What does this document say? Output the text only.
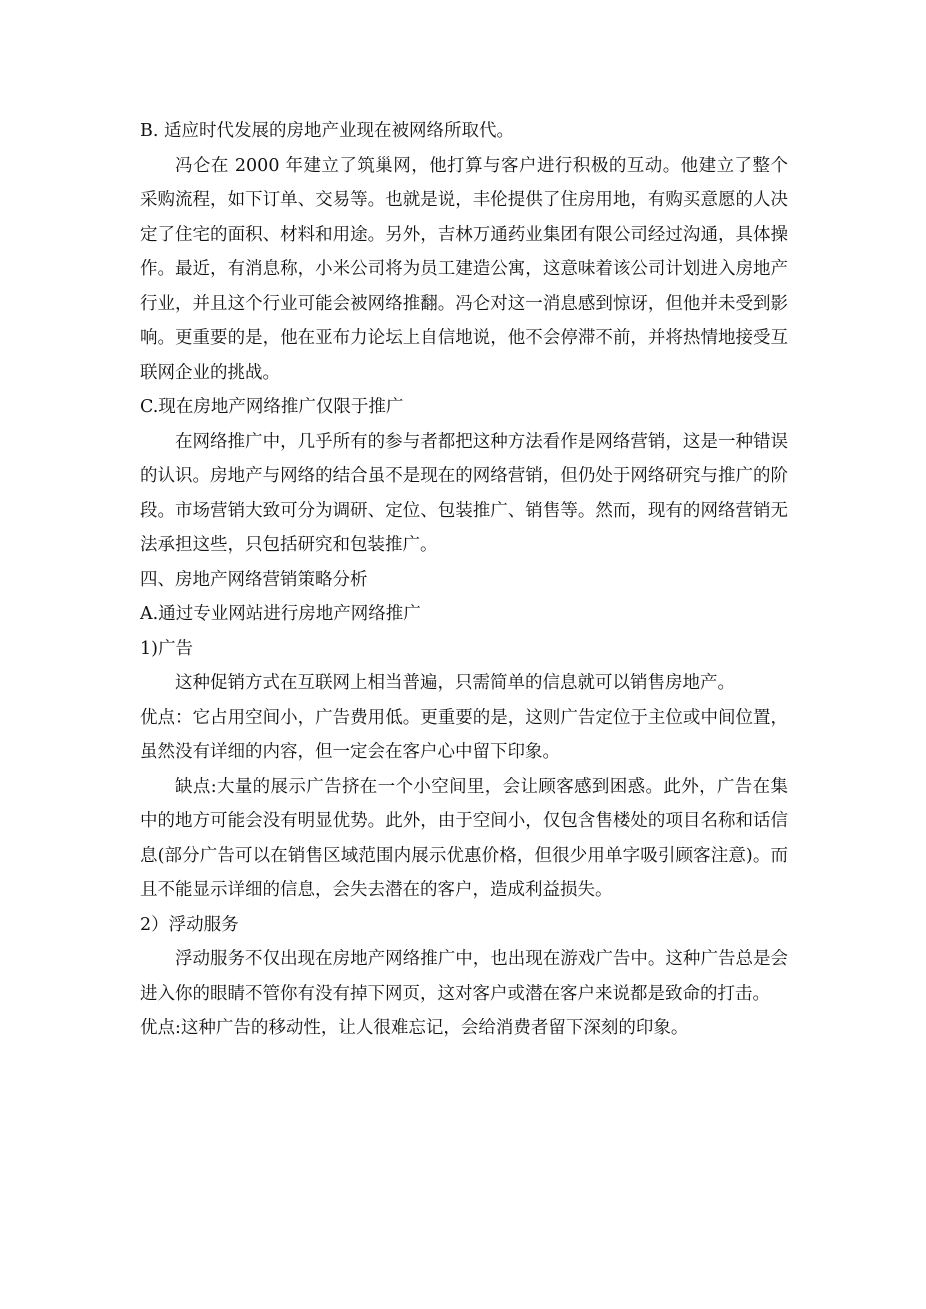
B. 适应时代发展的房地产业现在被网络所取代。

冯仑在 2000 年建立了筑巢网，他打算与客户进行积极的互动。他建立了整个采购流程，如下订单、交易等。也就是说，丰伦提供了住房用地，有购买意愿的人决定了住宅的面积、材料和用途。另外，吉林万通药业集团有限公司经过沟通，具体操作。最近，有消息称，小米公司将为员工建造公寓，这意味着该公司计划进入房地产行业，并且这个行业可能会被网络推翻。冯仑对这一消息感到惊讶，但他并未受到影响。更重要的是，他在亚布力论坛上自信地说，他不会停滞不前，并将热情地接受互联网企业的挑战。

C.现在房地产网络推广仅限于推广

在网络推广中，几乎所有的参与者都把这种方法看作是网络营销，这是一种错误的认识。房地产与网络的结合虽不是现在的网络营销，但仍处于网络研究与推广的阶段。市场营销大致可分为调研、定位、包装推广、销售等。然而，现有的网络营销无法承担这些，只包括研究和包装推广。

四、房地产网络营销策略分析

A.通过专业网站进行房地产网络推广

1)广告

这种促销方式在互联网上相当普遍，只需简单的信息就可以销售房地产。

优点：它占用空间小，广告费用低。更重要的是，这则广告定位于主位或中间位置，虽然没有详细的内容，但一定会在客户心中留下印象。

缺点:大量的展示广告挤在一个小空间里，会让顾客感到困惑。此外，广告在集中的地方可能会没有明显优势。此外，由于空间小，仅包含售楼处的项目名称和话信息(部分广告可以在销售区域范围内展示优惠价格，但很少用单字吸引顾客注意)。而且不能显示详细的信息，会失去潜在的客户，造成利益损失。

2）浮动服务

浮动服务不仅出现在房地产网络推广中，也出现在游戏广告中。这种广告总是会进入你的眼睛不管你有没有掉下网页，这对客户或潜在客户来说都是致命的打击。

优点:这种广告的移动性，让人很难忘记，会给消费者留下深刻的印象。
